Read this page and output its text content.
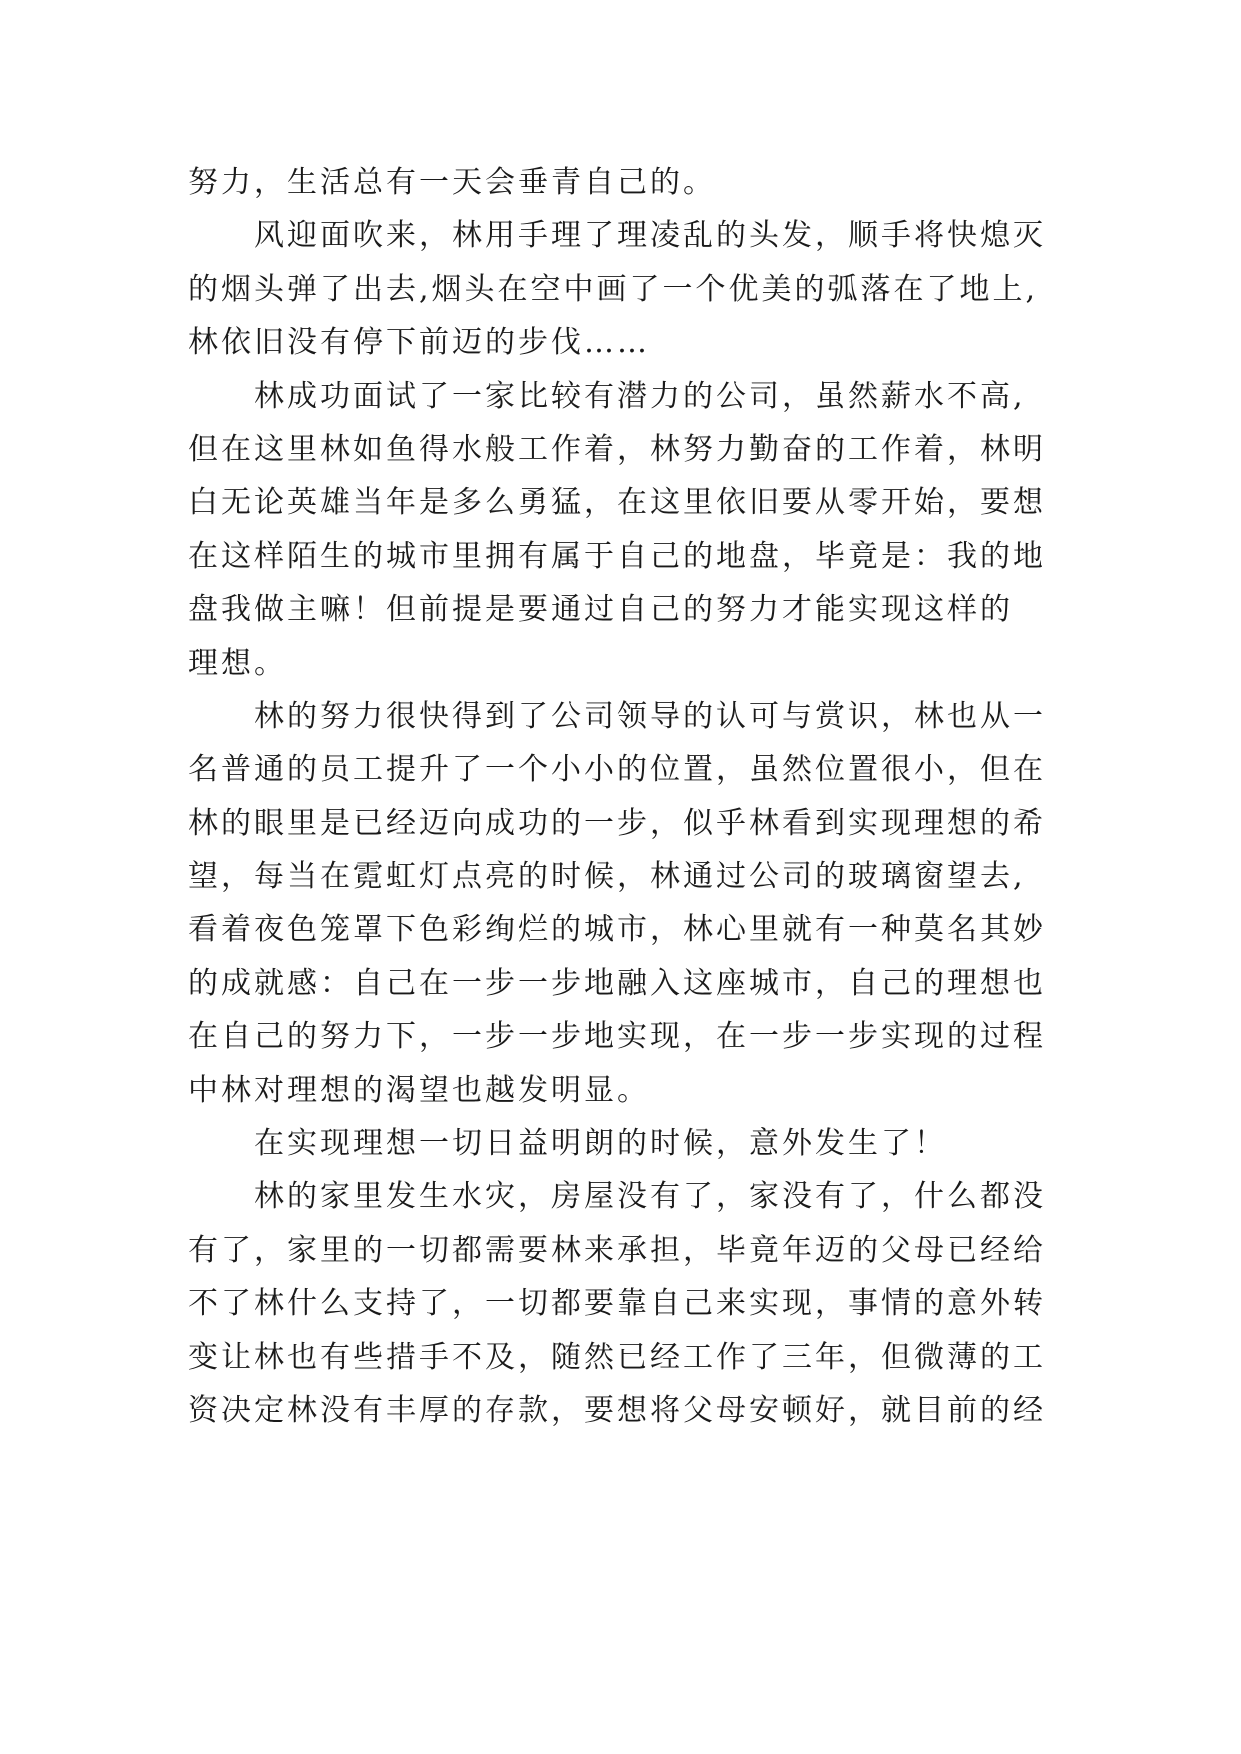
努力，生活总有一天会垂青自己的。
　　风迎面吹来，林用手理了理凌乱的头发，顺手将快熄灭
的烟头弹了出去,烟头在空中画了一个优美的弧落在了地上,
林依旧没有停下前迈的步伐……
　　林成功面试了一家比较有潜力的公司，虽然薪水不高,
但在这里林如鱼得水般工作着，林努力勤奋的工作着，林明
白无论英雄当年是多么勇猛，在这里依旧要从零开始，要想
在这样陌生的城市里拥有属于自己的地盘，毕竟是：我的地
盘我做主嘛！但前提是要通过自己的努力才能实现这样的
理想。
　　林的努力很快得到了公司领导的认可与赏识，林也从一
名普通的员工提升了一个小小的位置，虽然位置很小，但在
林的眼里是已经迈向成功的一步，似乎林看到实现理想的希
望，每当在霓虹灯点亮的时候，林通过公司的玻璃窗望去,
看着夜色笼罩下色彩绚烂的城市，林心里就有一种莫名其妙
的成就感：自己在一步一步地融入这座城市，自己的理想也
在自己的努力下，一步一步地实现，在一步一步实现的过程
中林对理想的渴望也越发明显。
　　在实现理想一切日益明朗的时候，意外发生了！
　　林的家里发生水灾，房屋没有了，家没有了，什么都没
有了，家里的一切都需要林来承担，毕竟年迈的父母已经给
不了林什么支持了，一切都要靠自己来实现，事情的意外转
变让林也有些措手不及，随然已经工作了三年，但微薄的工
资决定林没有丰厚的存款，要想将父母安顿好，就目前的经
